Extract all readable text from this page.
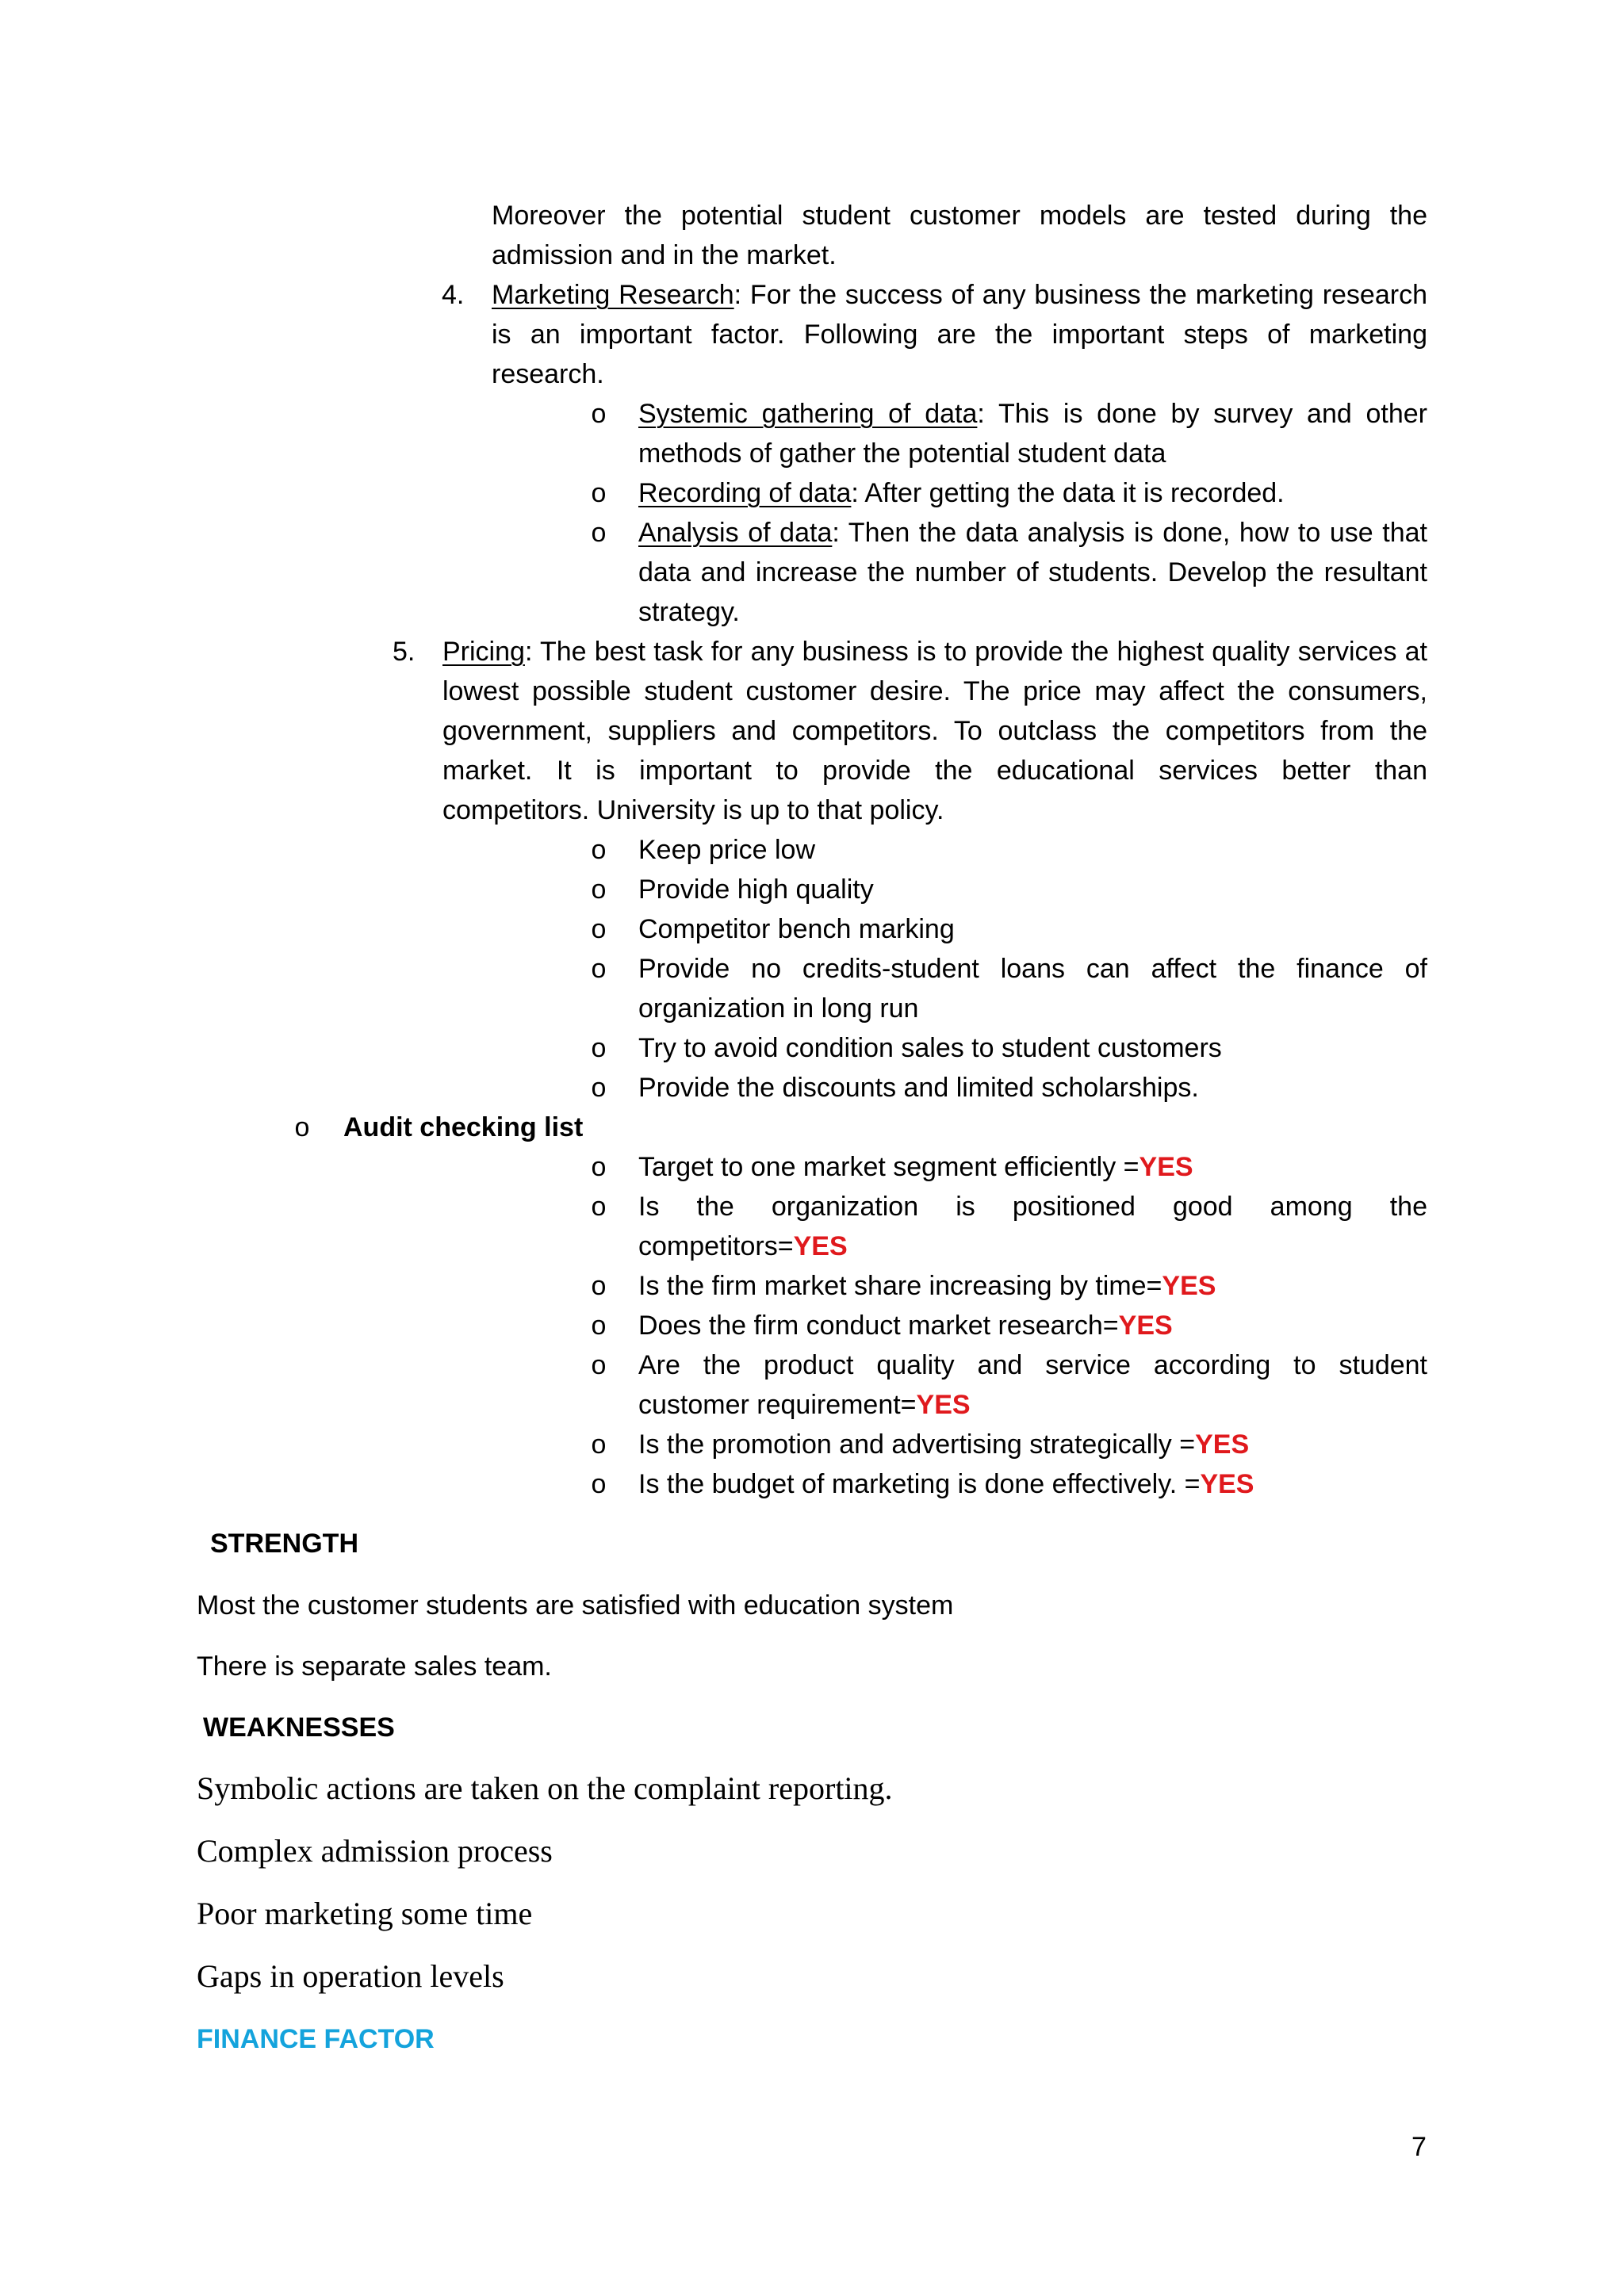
Moreover the potential student customer models are tested during the
admission and in the market.
4. Marketing Research: For the success of any business the marketing research
is an important factor. Following are the important steps of marketing
research.
o Systemic gathering of data: This is done by survey and other
methods of gather the potential student data
o Recording of data: After getting the data it is recorded.
o Analysis of data: Then the data analysis is done, how to use that
data and increase the number of students. Develop the resultant
strategy.
5. Pricing: The best task for any business is to provide the highest quality services at
lowest possible student customer desire. The price may affect the consumers,
government, suppliers and competitors. To outclass the competitors from the
market. It is important to provide the educational services better than
competitors. University is up to that policy.
o Keep price low
o Provide high quality
o Competitor bench marking
o Provide no credits-student loans can affect the finance of
organization in long run
o Try to avoid condition sales to student customers
o Provide the discounts and limited scholarships.
o Audit checking list
o Target to one market segment efficiently =YES
o Is the organization is positioned good among the
competitors=YES
o Is the firm market share increasing by time=YES
o Does the firm conduct market research=YES
o Are the product quality and service according to student
customer requirement=YES
o Is the promotion and advertising strategically =YES
o Is the budget of marketing is done effectively. =YES
STRENGTH
Most the customer students are satisfied with education system
There is separate sales team.
WEAKNESSES
Symbolic actions are taken on the complaint reporting.
Complex admission process
Poor marketing some time
Gaps in operation levels
FINANCE FACTOR
7
